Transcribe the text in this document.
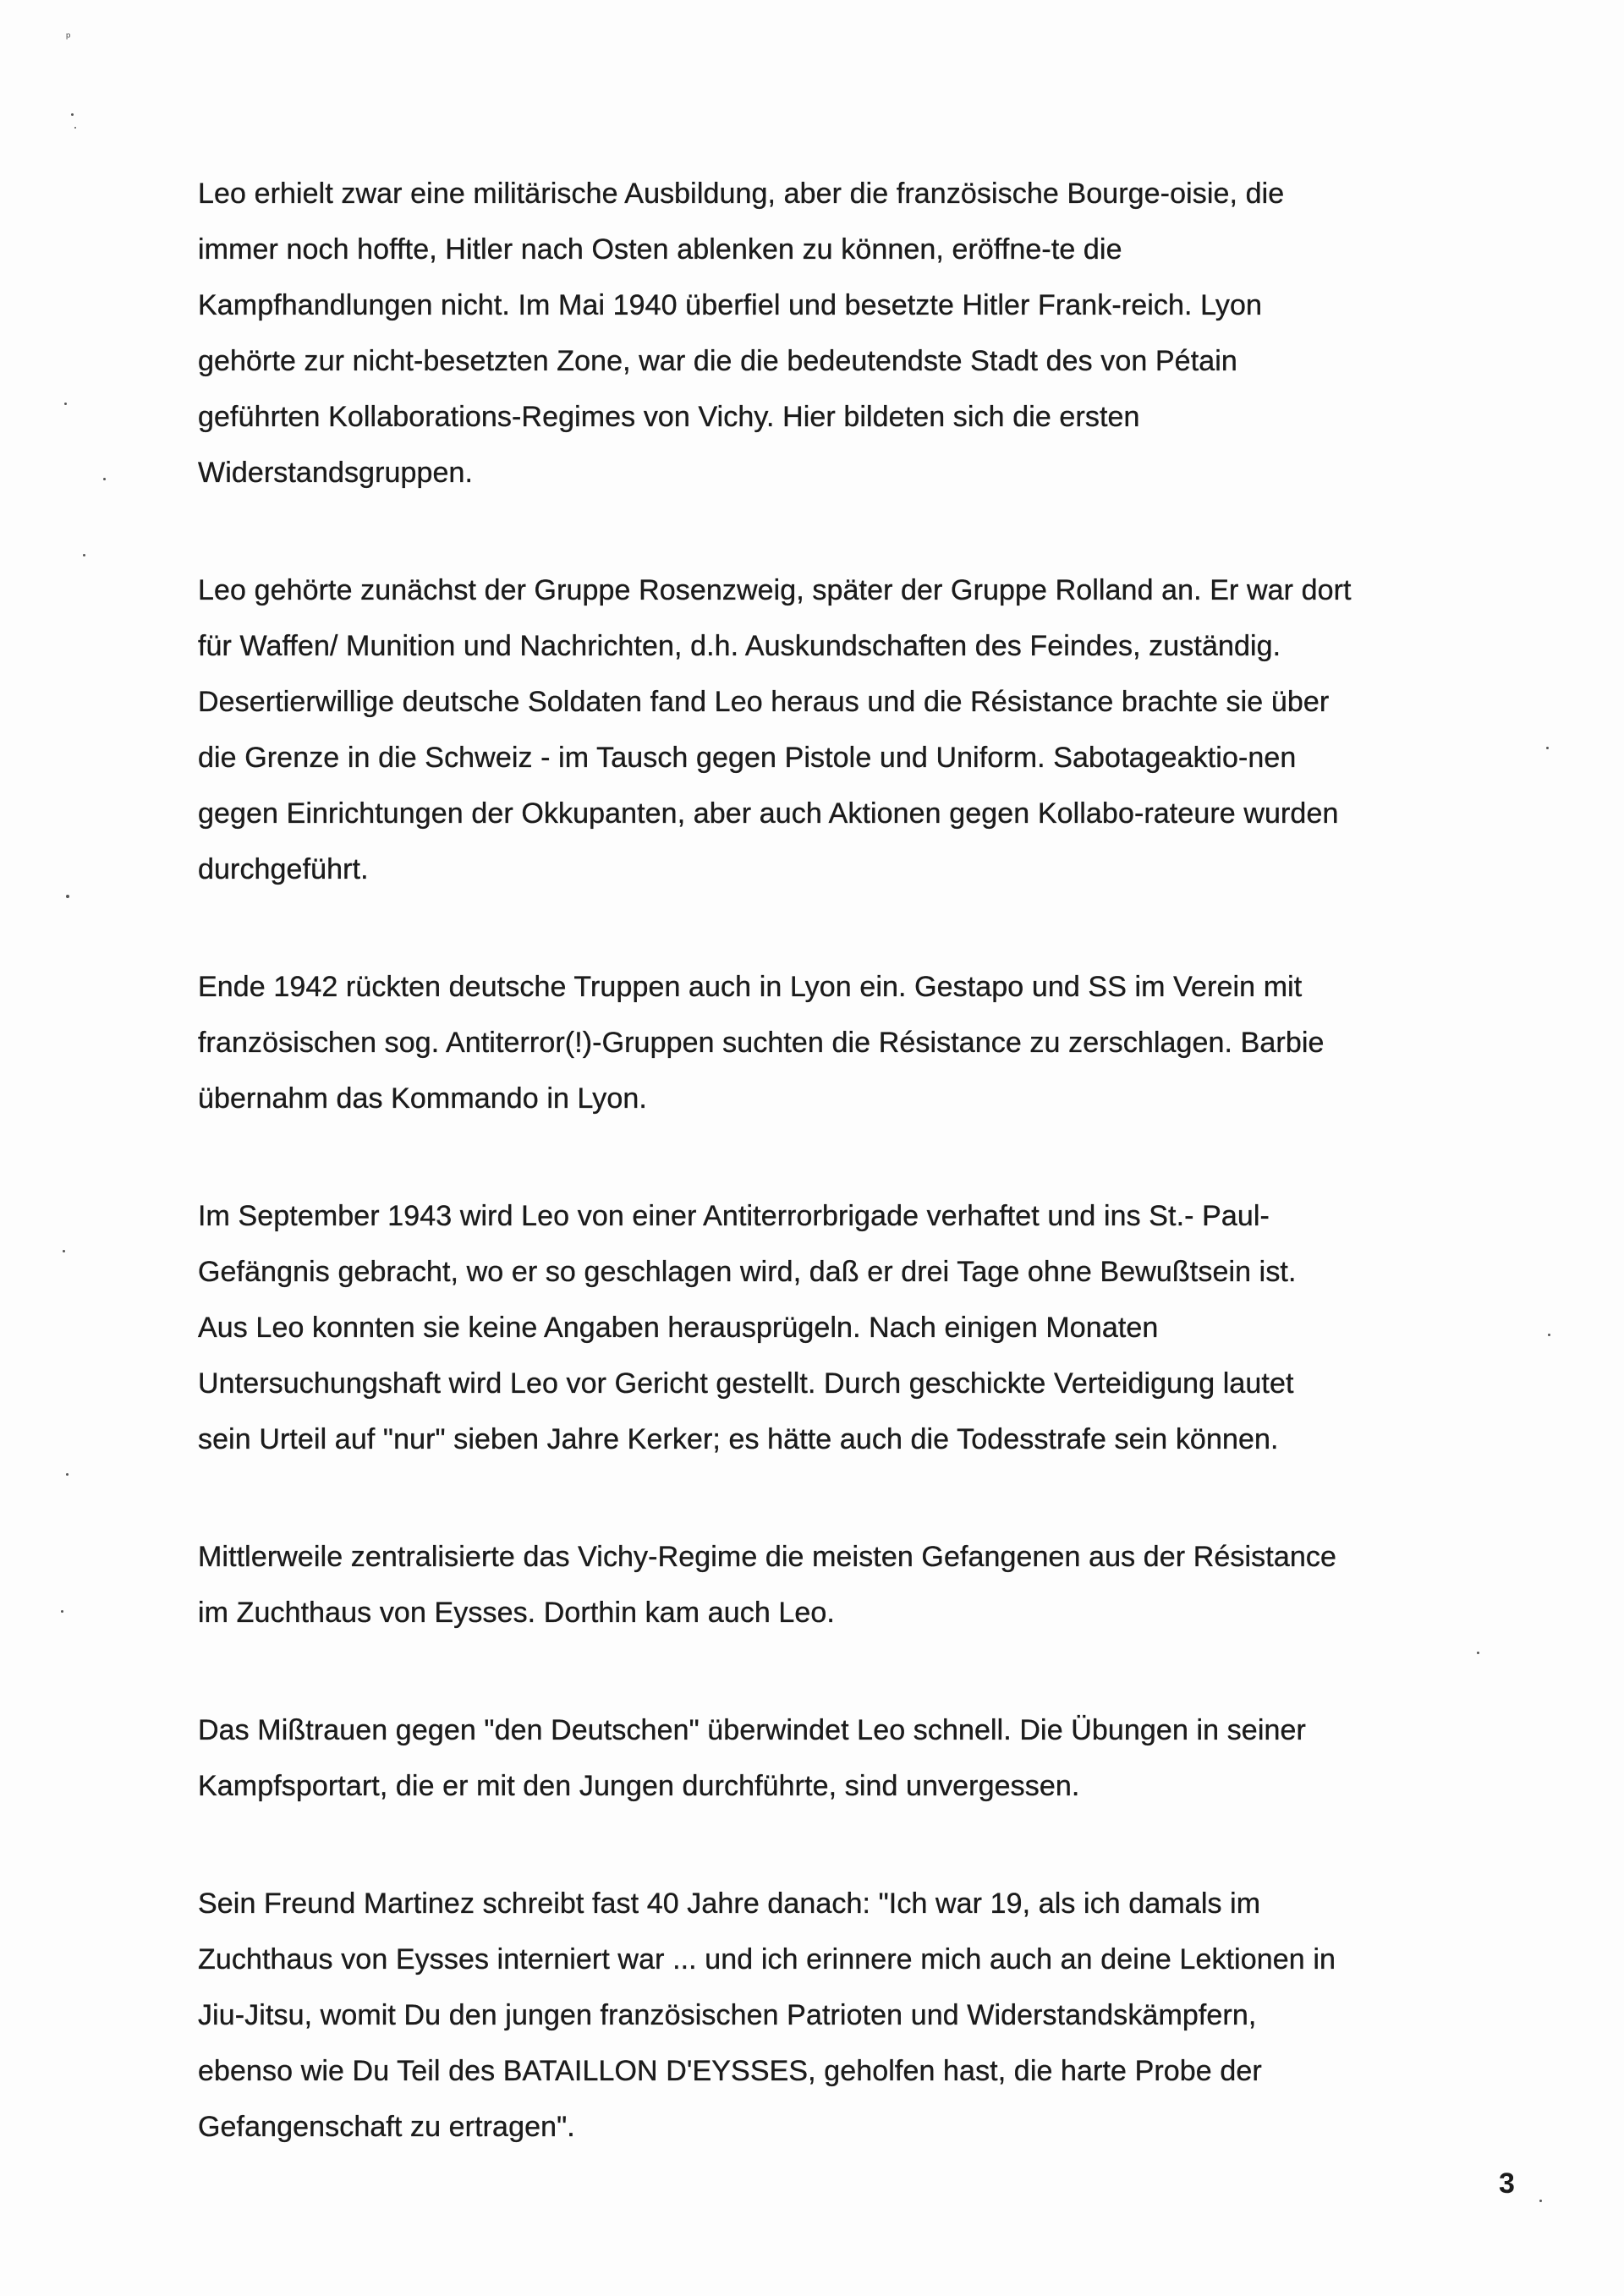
ᵖ

Leo erhielt zwar eine militärische Ausbildung, aber die französische Bourge-oisie, die
immer noch hoffte, Hitler nach Osten ablenken zu können, eröffne-te die
Kampfhandlungen nicht. Im Mai 1940 überfiel und besetzte Hitler Frank-reich. Lyon
gehörte zur nicht-besetzten Zone, war die die bedeutendste Stadt des von Pétain
geführten Kollaborations-Regimes von Vichy. Hier bildeten sich die ersten
Widerstandsgruppen.

Leo gehörte zunächst der Gruppe Rosenzweig, später der Gruppe Rolland an. Er war dort
für Waffen/ Munition und Nachrichten, d.h. Auskundschaften des Feindes, zuständig.
Desertierwillige deutsche Soldaten fand Leo heraus und die Résistance brachte sie über
die Grenze in die Schweiz - im Tausch gegen Pistole und Uniform. Sabotageaktio-nen
gegen Einrichtungen der Okkupanten, aber auch Aktionen gegen Kollabo-rateure wurden
durchgeführt.

Ende 1942 rückten deutsche Truppen auch in Lyon ein. Gestapo und SS im Verein mit
französischen sog. Antiterror(!)-Gruppen suchten die Résistance zu zerschlagen. Barbie
übernahm das Kommando in Lyon.

Im September 1943 wird Leo von einer Antiterrorbrigade verhaftet und ins St.- Paul-
Gefängnis gebracht, wo er so geschlagen wird, daß er drei Tage ohne Bewußtsein ist.
Aus Leo konnten sie keine Angaben herausprügeln. Nach einigen Monaten
Untersuchungshaft wird Leo vor Gericht gestellt. Durch geschickte Verteidigung lautet
sein Urteil auf "nur" sieben Jahre Kerker; es hätte auch die Todesstrafe sein können.

Mittlerweile zentralisierte das Vichy-Regime die meisten Gefangenen aus der Résistance
im Zuchthaus von Eysses. Dorthin kam auch Leo.

Das Mißtrauen gegen "den Deutschen" überwindet Leo schnell. Die Übungen in seiner
Kampfsportart, die er mit den Jungen durchführte, sind unvergessen.

Sein Freund Martinez schreibt fast 40 Jahre danach: "Ich war 19, als ich damals im
Zuchthaus von Eysses interniert war ... und ich erinnere mich auch an deine Lektionen in
Jiu-Jitsu, womit Du den jungen französischen Patrioten und Widerstandskämpfern,
ebenso wie Du Teil des BATAILLON D'EYSSES, geholfen hast, die harte Probe der
Gefangenschaft zu ertragen".

3
